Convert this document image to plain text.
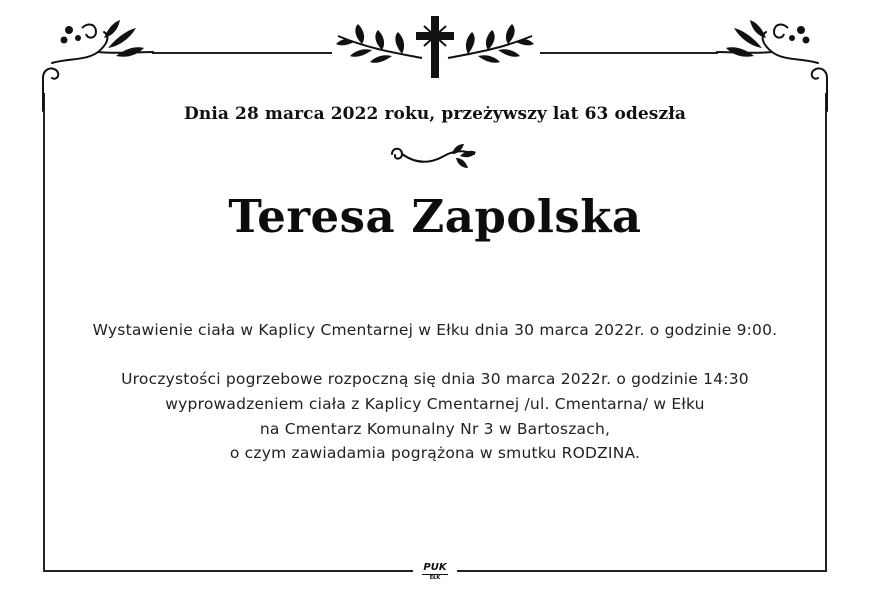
Dnia 28 marca 2022 roku, przeżywszy lat 63 odeszła
Teresa Zapolska
Wystawienie ciała w Kaplicy Cmentarnej w Ełku dnia 30 marca 2022r. o godzinie 9:00.
Uroczystości pogrzebowe rozpoczną się dnia 30 marca 2022r. o godzinie 14:30
wyprowadzeniem ciała z Kaplicy Cmentarnej /ul. Cmentarna/ w Ełku
na Cmentarz Komunalny Nr 3 w Bartoszach,
o czym zawiadamia pogrążona w smutku RODZINA.
PUK
EŁK
